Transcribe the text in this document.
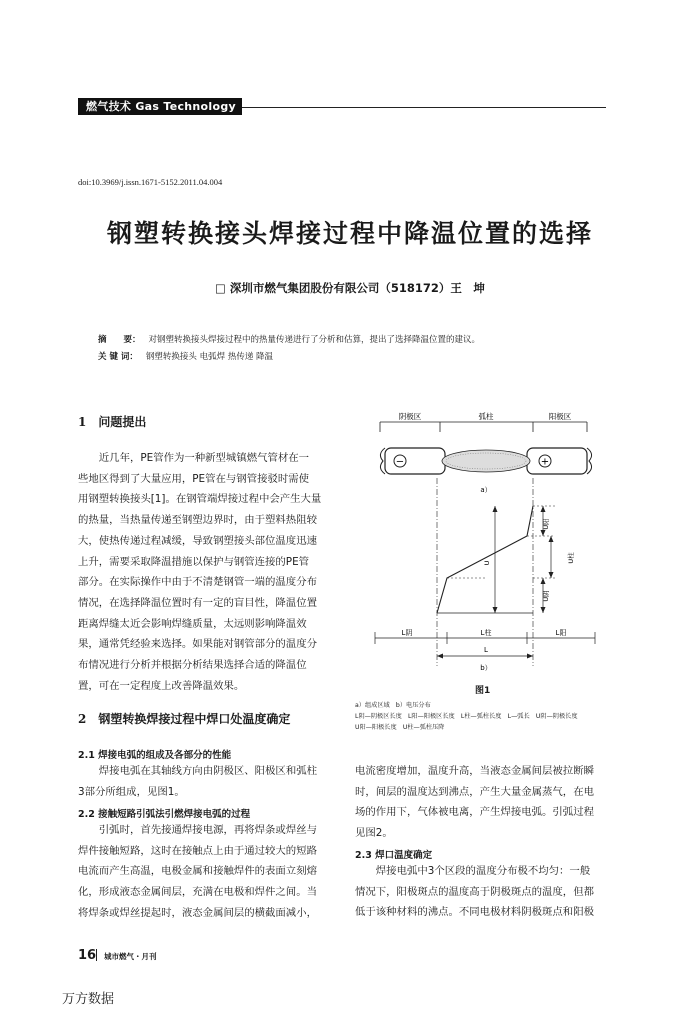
燃气技术 Gas Technology
doi:10.3969/j.issn.1671-5152.2011.04.004
钢塑转换接头焊接过程中降温位置的选择
□ 深圳市燃气集团股份有限公司（518172）王　坤
摘　　要： 对钢塑转换接头焊接过程中的热量传递进行了分析和估算，提出了选择降温位置的建议。
关 键 词： 钢塑转换接头 电弧焊 热传递 降温
1　问题提出
近几年，PE管作为一种新型城镇燃气管材在一
些地区得到了大量应用，PE管在与钢管接驳时需使
用钢塑转换接头[1]。在钢管端焊接过程中会产生大量
的热量，当热量传递至钢塑边界时，由于塑料热阻较
大，使热传递过程减缓，导致钢塑接头部位温度迅速
上升，需要采取降温措施以保护与钢管连接的PE管
部分。在实际操作中由于不清楚钢管一端的温度分布
情况，在选择降温位置时有一定的盲目性，降温位置
距离焊缝太近会影响焊缝质量，太远则影响降温效
果，通常凭经验来选择。如果能对钢管部分的温度分
布情况进行分析并根据分析结果选择合适的降温位
置，可在一定程度上改善降温效果。
2　钢塑转换焊接过程中焊口处温度确定
2.1 焊接电弧的组成及各部分的性能
焊接电弧在其轴线方向由阴极区、阳极区和弧柱
3部分所组成，见图1。
2.2 接触短路引弧法引燃焊接电弧的过程
引弧时，首先接通焊接电源，再将焊条或焊丝与
焊件接触短路，这时在接触点上由于通过较大的短路
电流而产生高温，电极金属和接触焊件的表面立刻熔
化，形成液态金属间层，充满在电极和焊件之间。当
将焊条或焊丝提起时，液态金属间层的横截面减小，
电流密度增加，温度升高，当液态金属间层被拉断瞬
时，间层的温度达到沸点，产生大量金属蒸气，在电
场的作用下，气体被电离，产生焊接电弧。引弧过程
见图2。
2.3 焊口温度确定
焊接电弧中3个区段的温度分布极不均匀：一般
情况下，阳极斑点的温度高于阴极斑点的温度，但都
低于该种材料的沸点。不同电极材料阴极斑点和阳极
阴极区	弧柱	阳极区
−	+
a）
U
U阳
U柱
U阴
L阴	L柱	L阳
L
b）
图1
a）组成区域　b）电压分布
L阴—阴极区长度　L阳—阳极区长度　L柱—弧柱长度　L—弧长　U阴—阴极长度
U阳—阳极长度　U柱—弧柱压降
16 城市燃气・月刊
万方数据
